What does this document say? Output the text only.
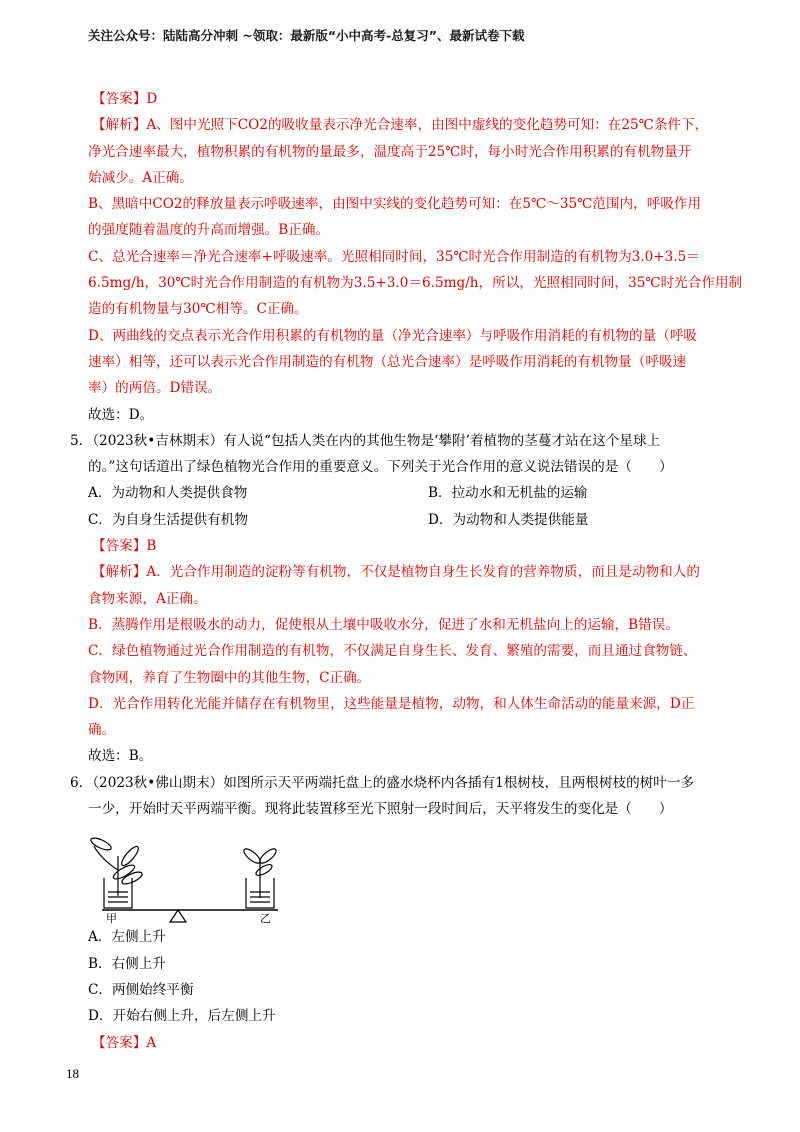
关注公众号：陆陆高分冲刺 ~领取：最新版“小中高考-总复习”、最新试卷下载
【答案】D
【解析】A、图中光照下CO2的吸收量表示净光合速率，由图中虚线的变化趋势可知：在25℃条件下，
净光合速率最大，植物积累的有机物的量最多，温度高于25℃时，每小时光合作用积累的有机物量开
始减少。A正确。
B、黑暗中CO2的释放量表示呼吸速率，由图中实线的变化趋势可知：在5℃～35℃范围内，呼吸作用
的强度随着温度的升高而增强。B正确。
C、总光合速率＝净光合速率+呼吸速率。光照相同时间，35℃时光合作用制造的有机物为3.0+3.5＝
6.5mg/h，30℃时光合作用制造的有机物为3.5+3.0＝6.5mg/h，所以，光照相同时间，35℃时光合作用制
造的有机物量与30℃相等。C正确。
D、两曲线的交点表示光合作用积累的有机物的量（净光合速率）与呼吸作用消耗的有机物的量（呼吸
速率）相等，还可以表示光合作用制造的有机物（总光合速率）是呼吸作用消耗的有机物量（呼吸速
率）的两倍。D错误。
故选：D。
5．（2023秋•吉林期末）有人说“包括人类在内的其他生物是‘攀附’着植物的茎蔓才站在这个星球上
的。”这句话道出了绿色植物光合作用的重要意义。下列关于光合作用的意义说法错误的是（　　）
A．为动物和人类提供食物	B．拉动水和无机盐的运输
C．为自身生活提供有机物	D．为动物和人类提供能量
【答案】B
【解析】A．光合作用制造的淀粉等有机物，不仅是植物自身生长发育的营养物质，而且是动物和人的
食物来源，A正确。
B．蒸腾作用是根吸水的动力，促使根从土壤中吸收水分，促进了水和无机盐向上的运输，B错误。
C．绿色植物通过光合作用制造的有机物，不仅满足自身生长、发育、繁殖的需要，而且通过食物链、
食物网，养育了生物圈中的其他生物，C正确。
D．光合作用转化光能并储存在有机物里，这些能量是植物，动物，和人体生命活动的能量来源，D正
确。
故选：B。
6．（2023秋•佛山期末）如图所示天平两端托盘上的盛水烧杯内各插有1根树枝，且两根树枝的树叶一多
一少，开始时天平两端平衡。现将此装置移至光下照射一段时间后，天平将发生的变化是（　　）
甲	乙
A．左侧上升
B．右侧上升
C．两侧始终平衡
D．开始右侧上升，后左侧上升
【答案】A
18
